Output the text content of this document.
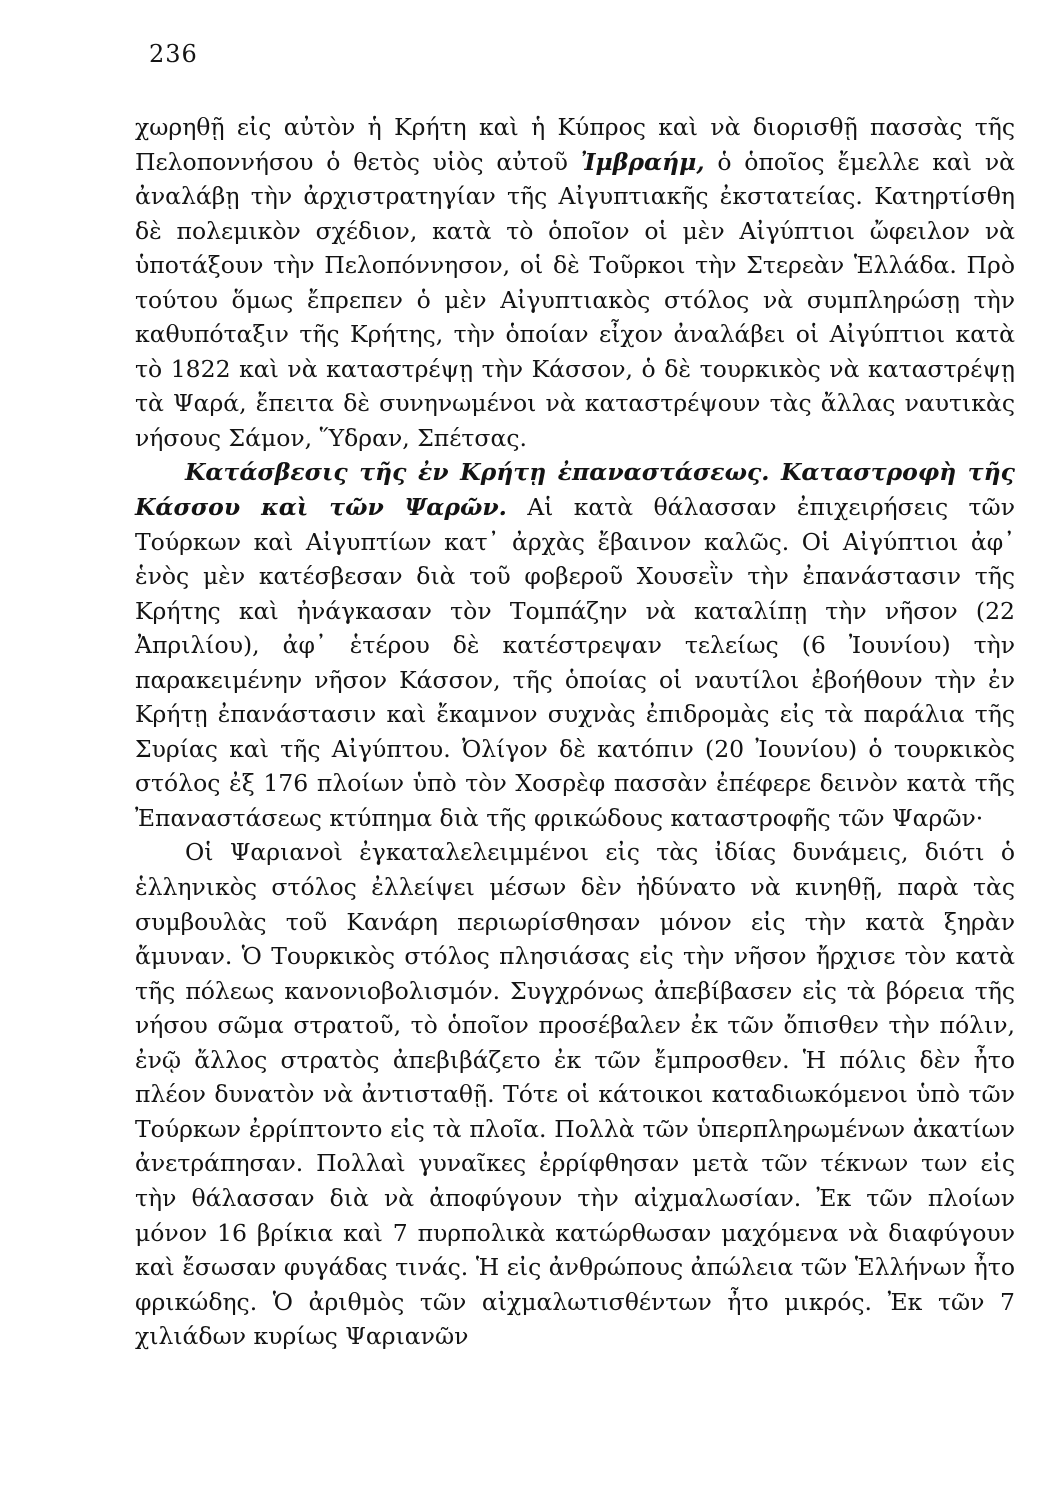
236

χωρηθῇ εἰς αὐτὸν ἡ Κρήτη καὶ ἡ Κύπρος καὶ νὰ διορισθῇ πασσὰς τῆς Πελοποννήσου ὁ θετὸς υἱὸς αὐτοῦ Ἰμβραήμ, ὁ ὁποῖος ἔμελλε καὶ νὰ ἀναλάβῃ τὴν ἀρχιστρατηγίαν τῆς Αἰγυπτιακῆς ἐκστατείας. Κατηρτίσθη δὲ πολεμικὸν σχέδιον, κατὰ τὸ ὁποῖον οἱ μὲν Αἰγύπτιοι ὤφειλον νὰ ὑποτάξουν τὴν Πελοπόννησον, οἱ δὲ Τοῦρκοι τὴν Στερεὰν Ἑλλάδα. Πρὸ τούτου ὅμως ἔπρεπεν ὁ μὲν Αἰγυπτιακὸς στόλος νὰ συμπληρώσῃ τὴν καθυπόταξιν τῆς Κρήτης, τὴν ὁποίαν εἶχον ἀναλάβει οἱ Αἰγύπτιοι κατὰ τὸ 1822 καὶ νὰ καταστρέψῃ τὴν Κάσσον, ὁ δὲ τουρκικὸς νὰ καταστρέψῃ τὰ Ψαρά, ἔπειτα δὲ συνηνωμένοι νὰ καταστρέψουν τὰς ἄλλας ναυτικὰς νήσους Σάμον, Ὕδραν, Σπέτσας.

Κατάσβεσις τῆς ἐν Κρήτῃ ἐπαναστάσεως. Καταστροφὴ τῆς Κάσσου καὶ τῶν Ψαρῶν. Αἱ κατὰ θάλασσαν ἐπιχειρήσεις τῶν Τούρκων καὶ Αἰγυπτίων κατ᾽ ἀρχὰς ἔβαινον καλῶς. Οἱ Αἰγύπτιοι ἀφ᾽ ἑνὸς μὲν κατέσβεσαν διὰ τοῦ φοβεροῦ Χουσεῒν τὴν ἐπανάστασιν τῆς Κρήτης καὶ ἠνάγκασαν τὸν Τομπάζην νὰ καταλίπῃ τὴν νῆσον (22 Ἀπριλίου), ἀφ᾽ ἑτέρου δὲ κατέστρεψαν τελείως (6 Ἰουνίου) τὴν παρακειμένην νῆσον Κάσσον, τῆς ὁποίας οἱ ναυτίλοι ἐβοήθουν τὴν ἐν Κρήτῃ ἐπανάστασιν καὶ ἔκαμνον συχνὰς ἐπιδρομὰς εἰς τὰ παράλια τῆς Συρίας καὶ τῆς Αἰγύπτου. Ὀλίγον δὲ κατόπιν (20 Ἰουνίου) ὁ τουρκικὸς στόλος ἐξ 176 πλοίων ὑπὸ τὸν Χοσρὲφ πασσὰν ἐπέφερε δεινὸν κατὰ τῆς Ἐπαναστάσεως κτύπημα διὰ τῆς φρικώδους καταστροφῆς τῶν Ψαρῶν·

Οἱ Ψαριανοὶ ἐγκαταλελειμμένοι εἰς τὰς ἰδίας δυνάμεις, διότι ὁ ἑλληνικὸς στόλος ἐλλείψει μέσων δὲν ἠδύνατο νὰ κινηθῇ, παρὰ τὰς συμβουλὰς τοῦ Κανάρη περιωρίσθησαν μόνον εἰς τὴν κατὰ ξηρὰν ἄμυναν. Ὁ Τουρκικὸς στόλος πλησιάσας εἰς τὴν νῆσον ἤρχισε τὸν κατὰ τῆς πόλεως κανονιοβολισμόν. Συγχρόνως ἀπεβίβασεν εἰς τὰ βόρεια τῆς νήσου σῶμα στρατοῦ, τὸ ὁποῖον προσέβαλεν ἐκ τῶν ὄπισθεν τὴν πόλιν, ἐνῷ ἄλλος στρατὸς ἀπεβιβάζετο ἐκ τῶν ἔμπροσθεν. Ἡ πόλις δὲν ἦτο πλέον δυνατὸν νὰ ἀντισταθῇ. Τότε οἱ κάτοικοι καταδιωκόμενοι ὑπὸ τῶν Τούρκων ἐρρίπτοντο εἰς τὰ πλοῖα. Πολλὰ τῶν ὑπερπληρωμένων ἀκατίων ἀνετράπησαν. Πολλαὶ γυναῖκες ἐρρίφθησαν μετὰ τῶν τέκνων των εἰς τὴν θάλασσαν διὰ νὰ ἀποφύγουν τὴν αἰχμαλωσίαν. Ἐκ τῶν πλοίων μόνον 16 βρίκια καὶ 7 πυρπολικὰ κατώρθωσαν μαχόμενα νὰ διαφύγουν καὶ ἔσωσαν φυγάδας τινάς. Ἡ εἰς ἀνθρώπους ἀπώλεια τῶν Ἑλλήνων ἦτο φρικώδης. Ὁ ἀριθμὸς τῶν αἰχμαλωτισθέντων ἦτο μικρός. Ἐκ τῶν 7 χιλιάδων κυρίως Ψαριανῶν
